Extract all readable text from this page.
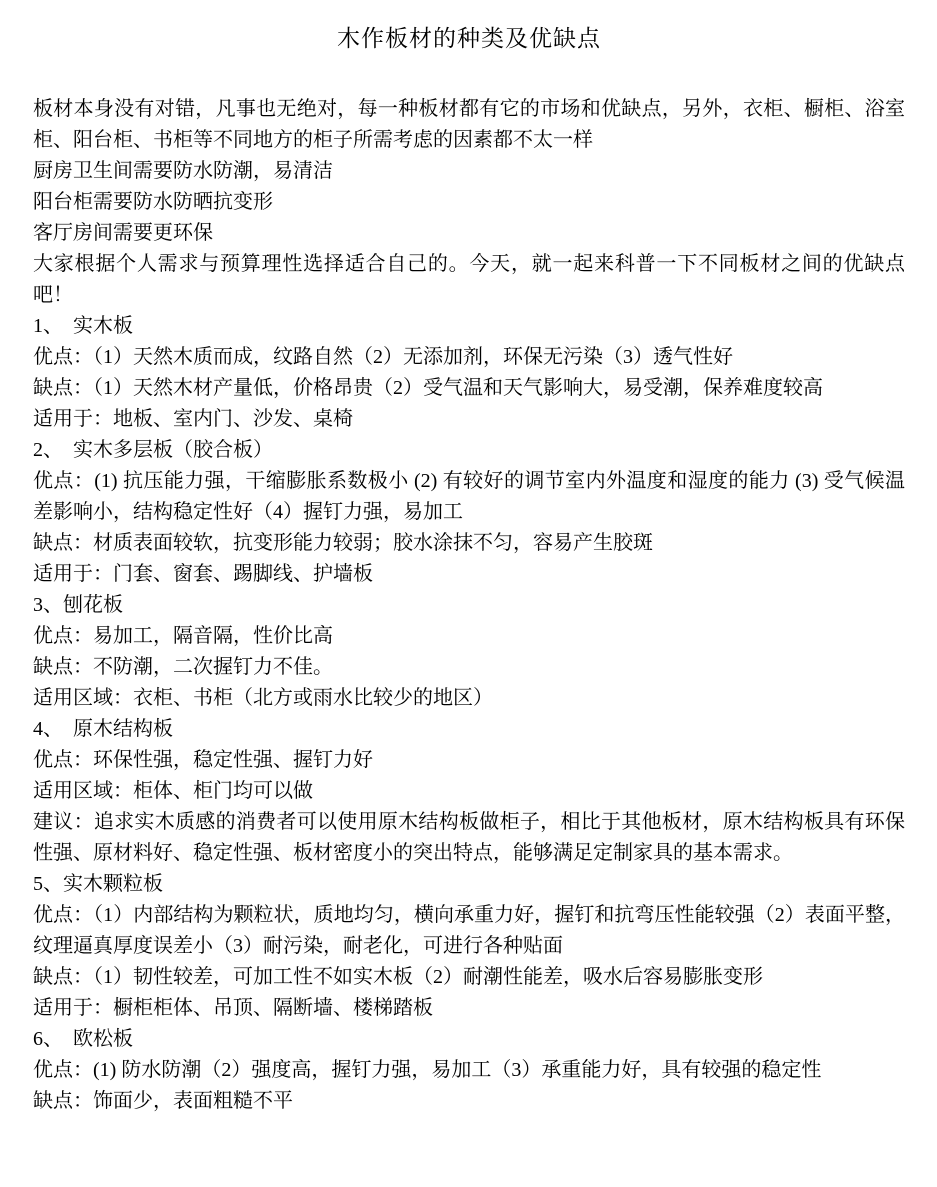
木作板材的种类及优缺点

板材本身没有对错，凡事也无绝对，每一种板材都有它的市场和优缺点，另外，衣柜、橱柜、浴室柜、阳台柜、书柜等不同地方的柜子所需考虑的因素都不太一样

厨房卫生间需要防水防潮，易清洁

阳台柜需要防水防晒抗变形

客厅房间需要更环保

大家根据个人需求与预算理性选择适合自己的。今天，就一起来科普一下不同板材之间的优缺点吧！

1、　实木板

优点：（1）天然木质而成，纹路自然（2）无添加剂，环保无污染（3）透气性好

缺点：（1）天然木材产量低，价格昂贵（2）受气温和天气影响大，易受潮，保养难度较高

适用于：地板、室内门、沙发、桌椅

2、　实木多层板（胶合板）

优点：(1) 抗压能力强，干缩膨胀系数极小 (2) 有较好的调节室内外温度和湿度的能力 (3) 受气候温差影响小，结构稳定性好（4）握钉力强，易加工

缺点：材质表面较软，抗变形能力较弱；胶水涂抹不匀，容易产生胶斑

适用于：门套、窗套、踢脚线、护墙板

3、刨花板

优点：易加工，隔音隔，性价比高

缺点：不防潮，二次握钉力不佳。

适用区域：衣柜、书柜（北方或雨水比较少的地区）

4、　原木结构板

优点：环保性强，稳定性强、握钉力好

适用区域：柜体、柜门均可以做

建议：追求实木质感的消费者可以使用原木结构板做柜子，相比于其他板材，原木结构板具有环保性强、原材料好、稳定性强、板材密度小的突出特点，能够满足定制家具的基本需求。

5、实木颗粒板

优点：（1）内部结构为颗粒状，质地均匀，横向承重力好，握钉和抗弯压性能较强（2）表面平整，纹理逼真厚度误差小（3）耐污染，耐老化，可进行各种贴面

缺点：（1）韧性较差，可加工性不如实木板（2）耐潮性能差，吸水后容易膨胀变形

适用于：橱柜柜体、吊顶、隔断墙、楼梯踏板

6、　欧松板

优点：(1) 防水防潮（2）强度高，握钉力强，易加工（3）承重能力好，具有较强的稳定性

缺点：饰面少，表面粗糙不平
